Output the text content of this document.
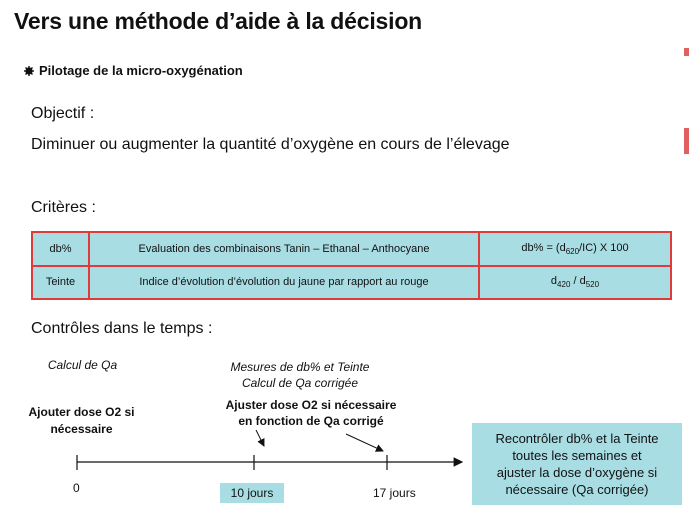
Vers une méthode d’aide à la décision
Pilotage de la micro-oxygénation
Objectif :
Diminuer ou augmenter la quantité d’oxygène en cours de l’élevage
Critères :
db%	Evaluation des combinaisons Tanin – Ethanal – Anthocyane	$db\% = (d_{620}/IC)$ X 100
Teinte	Indice d’évolution d’évolution du jaune par rapport au rouge	$d_{420} / d_{520}$
Contrôles dans le temps :
Calcul de Qa	Mesures de db% et Teinte
Calcul de Qa corrigée
Ajouter dose O2 si
nécessaire
Ajuster dose O2 si nécessaire
en fonction de Qa corrigé
0	10 jours	17 jours
Recontrôler db% et la Teinte
toutes les semaines et
ajuster la dose d’oxygène si
nécessaire (Qa corrigée)
